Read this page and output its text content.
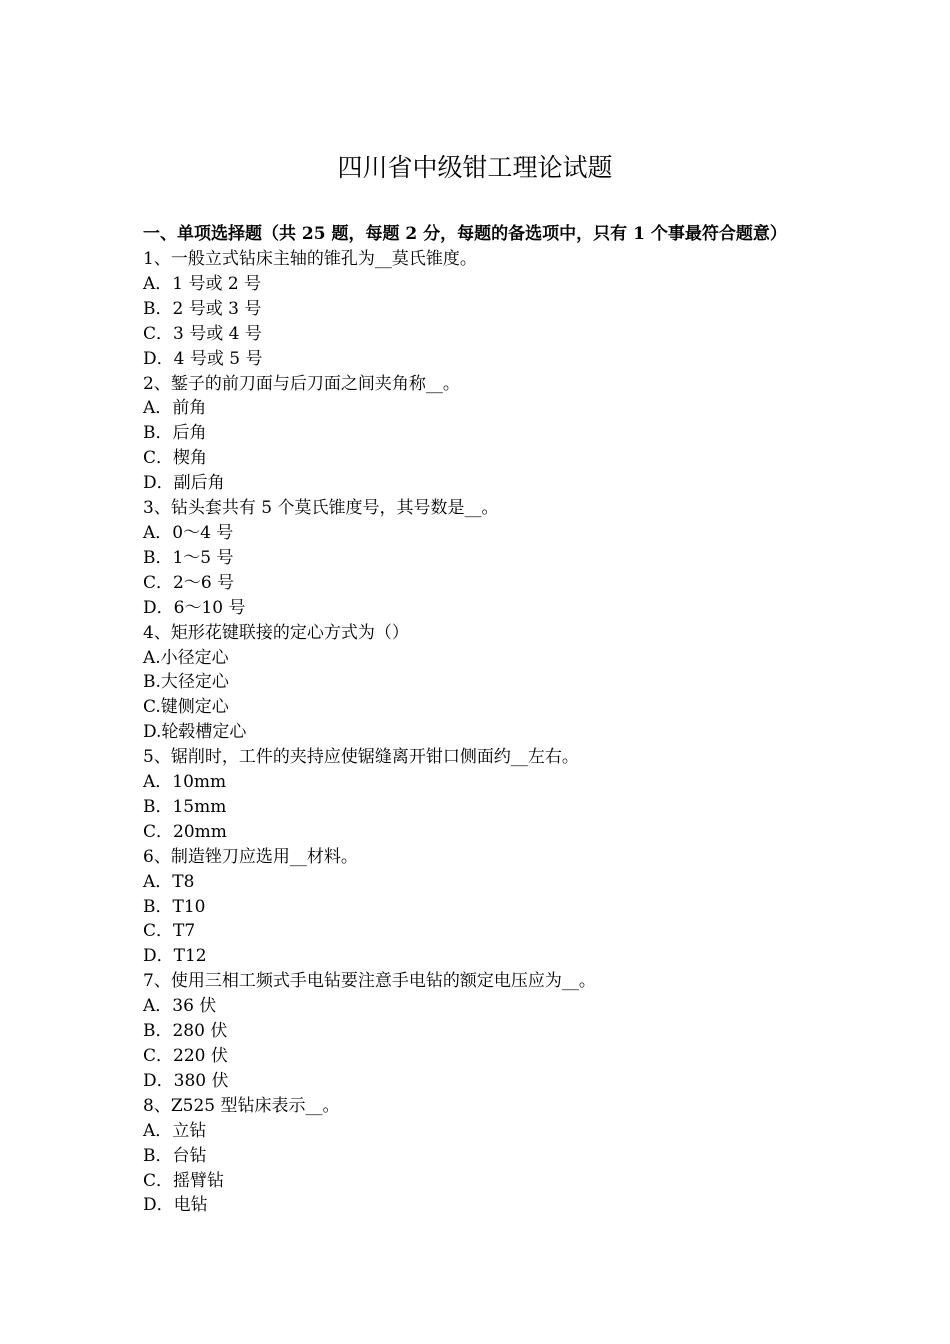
四川省中级钳工理论试题
一、单项选择题（共 25 题，每题 2 分，每题的备选项中，只有 1 个事最符合题意）
1、一般立式钻床主轴的锥孔为__莫氏锥度。
A．1 号或 2 号
B．2 号或 3 号
C．3 号或 4 号
D．4 号或 5 号
2、錾子的前刀面与后刀面之间夹角称__。
A．前角
B．后角
C．楔角
D．副后角
3、钻头套共有 5 个莫氏锥度号，其号数是__。
A．0～4 号
B．1～5 号
C．2～6 号
D．6～10 号
4、矩形花键联接的定心方式为（）
A.小径定心
B.大径定心
C.键侧定心
D.轮毂槽定心
5、锯削时，工件的夹持应使锯缝离开钳口侧面约__左右。
A．10mm
B．15mm
C．20mm
6、制造锉刀应选用__材料。
A．T8
B．T10
C．T7
D．T12
7、使用三相工频式手电钻要注意手电钻的额定电压应为__。
A．36 伏
B．280 伏
C．220 伏
D．380 伏
8、Z525 型钻床表示__。
A．立钻
B．台钻
C．摇臂钻
D．电钻
